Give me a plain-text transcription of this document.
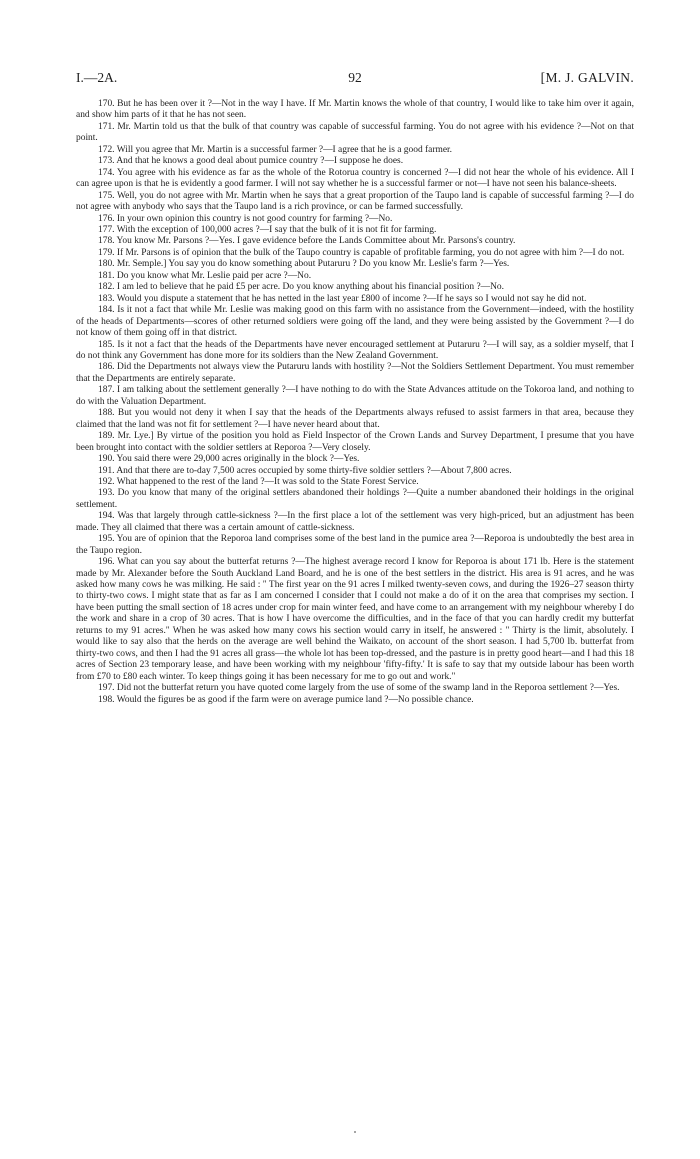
I.—2A.	92	[M. J. GALVIN.

170. But he has been over it ?—Not in the way I have. If Mr. Martin knows the whole of that country, I would like to take him over it again, and show him parts of it that he has not seen.

171. Mr. Martin told us that the bulk of that country was capable of successful farming. You do not agree with his evidence ?—Not on that point.

172. Will you agree that Mr. Martin is a successful farmer ?—I agree that he is a good farmer.

173. And that he knows a good deal about pumice country ?—I suppose he does.

174. You agree with his evidence as far as the whole of the Rotorua country is concerned ?—I did not hear the whole of his evidence. All I can agree upon is that he is evidently a good farmer. I will not say whether he is a successful farmer or not—I have not seen his balance-sheets.

175. Well, you do not agree with Mr. Martin when he says that a great proportion of the Taupo land is capable of successful farming ?—I do not agree with anybody who says that the Taupo land is a rich province, or can be farmed successfully.

176. In your own opinion this country is not good country for farming ?—No.

177. With the exception of 100,000 acres ?—I say that the bulk of it is not fit for farming.

178. You know Mr. Parsons ?—Yes. I gave evidence before the Lands Committee about Mr. Parsons's country.

179. If Mr. Parsons is of opinion that the bulk of the Taupo country is capable of profitable farming, you do not agree with him ?—I do not.

180. Mr. Semple.] You say you do know something about Putaruru ? Do you know Mr. Leslie's farm ?—Yes.

181. Do you know what Mr. Leslie paid per acre ?—No.

182. I am led to believe that he paid £5 per acre. Do you know anything about his financial position ?—No.

183. Would you dispute a statement that he has netted in the last year £800 of income ?—If he says so I would not say he did not.

184. Is it not a fact that while Mr. Leslie was making good on this farm with no assistance from the Government—indeed, with the hostility of the heads of Departments—scores of other returned soldiers were going off the land, and they were being assisted by the Government ?—I do not know of them going off in that district.

185. Is it not a fact that the heads of the Departments have never encouraged settlement at Putaruru ?—I will say, as a soldier myself, that I do not think any Government has done more for its soldiers than the New Zealand Government.

186. Did the Departments not always view the Putaruru lands with hostility ?—Not the Soldiers Settlement Department. You must remember that the Departments are entirely separate.

187. I am talking about the settlement generally ?—I have nothing to do with the State Advances attitude on the Tokoroa land, and nothing to do with the Valuation Department.

188. But you would not deny it when I say that the heads of the Departments always refused to assist farmers in that area, because they claimed that the land was not fit for settlement ?—I have never heard about that.

189. Mr. Lye.] By virtue of the position you hold as Field Inspector of the Crown Lands and Survey Department, I presume that you have been brought into contact with the soldier settlers at Reporoa ?—Very closely.

190. You said there were 29,000 acres originally in the block ?—Yes.

191. And that there are to-day 7,500 acres occupied by some thirty-five soldier settlers ?—About 7,800 acres.

192. What happened to the rest of the land ?—It was sold to the State Forest Service.

193. Do you know that many of the original settlers abandoned their holdings ?—Quite a number abandoned their holdings in the original settlement.

194. Was that largely through cattle-sickness ?—In the first place a lot of the settlement was very high-priced, but an adjustment has been made. They all claimed that there was a certain amount of cattle-sickness.

195. You are of opinion that the Reporoa land comprises some of the best land in the pumice area ?—Reporoa is undoubtedly the best area in the Taupo region.

196. What can you say about the butterfat returns ?—The highest average record I know for Reporoa is about 171 lb. Here is the statement made by Mr. Alexander before the South Auckland Land Board, and he is one of the best settlers in the district. His area is 91 acres, and he was asked how many cows he was milking. He said : " The first year on the 91 acres I milked twenty-seven cows, and during the 1926–27 season thirty to thirty-two cows. I might state that as far as I am concerned I consider that I could not make a do of it on the area that comprises my section. I have been putting the small section of 18 acres under crop for main winter feed, and have come to an arrangement with my neighbour whereby I do the work and share in a crop of 30 acres. That is how I have overcome the difficulties, and in the face of that you can hardly credit my butterfat returns to my 91 acres." When he was asked how many cows his section would carry in itself, he answered : " Thirty is the limit, absolutely. I would like to say also that the herds on the average are well behind the Waikato, on account of the short season. I had 5,700 lb. butterfat from thirty-two cows, and then I had the 91 acres all grass—the whole lot has been top-dressed, and the pasture is in pretty good heart—and I had this 18 acres of Section 23 temporary lease, and have been working with my neighbour 'fifty-fifty.' It is safe to say that my outside labour has been worth from £70 to £80 each winter. To keep things going it has been necessary for me to go out and work."

197. Did not the butterfat return you have quoted come largely from the use of some of the swamp land in the Reporoa settlement ?—Yes.

198. Would the figures be as good if the farm were on average pumice land ?—No possible chance.
